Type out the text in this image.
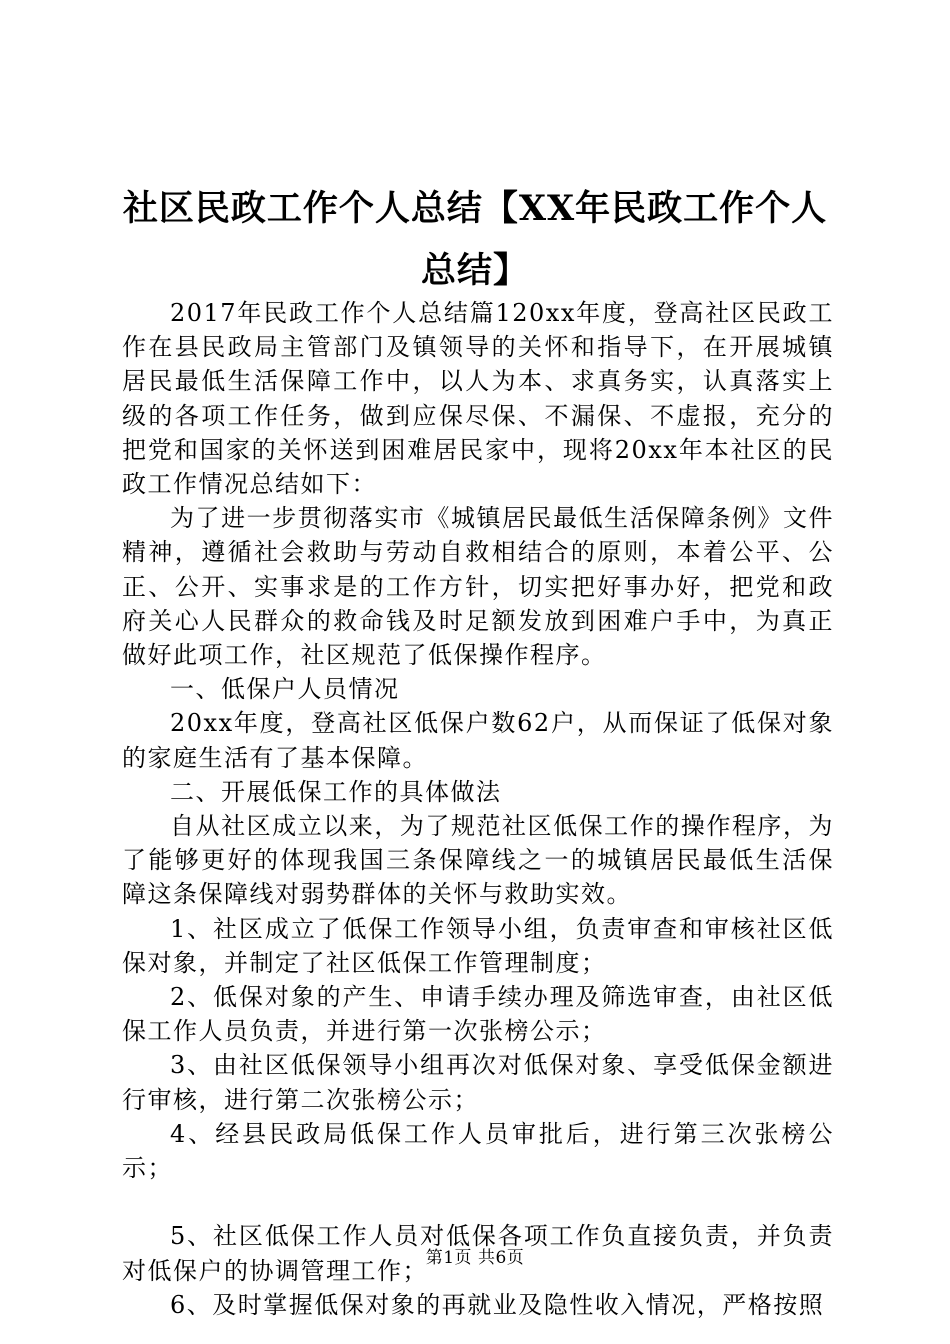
社区民政工作个人总结【XX年民政工作个人
总结】

2017年民政工作个人总结篇120xx年度，登高社区民政工作在县民政局主管部门及镇领导的关怀和指导下，在开展城镇居民最低生活保障工作中，以人为本、求真务实，认真落实上级的各项工作任务，做到应保尽保、不漏保、不虚报，充分的把党和国家的关怀送到困难居民家中，现将20xx年本社区的民政工作情况总结如下：

为了进一步贯彻落实市《城镇居民最低生活保障条例》文件精神，遵循社会救助与劳动自救相结合的原则，本着公平、公正、公开、实事求是的工作方针，切实把好事办好，把党和政府关心人民群众的救命钱及时足额发放到困难户手中，为真正做好此项工作，社区规范了低保操作程序。

一、低保户人员情况

20xx年度，登高社区低保户数62户，从而保证了低保对象的家庭生活有了基本保障。

二、开展低保工作的具体做法

自从社区成立以来，为了规范社区低保工作的操作程序，为了能够更好的体现我国三条保障线之一的城镇居民最低生活保障这条保障线对弱势群体的关怀与救助实效。

1、社区成立了低保工作领导小组，负责审查和审核社区低保对象，并制定了社区低保工作管理制度；

2、低保对象的产生、申请手续办理及筛选审查，由社区低保工作人员负责，并进行第一次张榜公示；

3、由社区低保领导小组再次对低保对象、享受低保金额进行审核，进行第二次张榜公示；

4、经县民政局低保工作人员审批后，进行第三次张榜公示；

5、社区低保工作人员对低保各项工作负直接负责，并负责对低保户的协调管理工作；

6、及时掌握低保对象的再就业及隐性收入情况，严格按照

第1页 共6页
